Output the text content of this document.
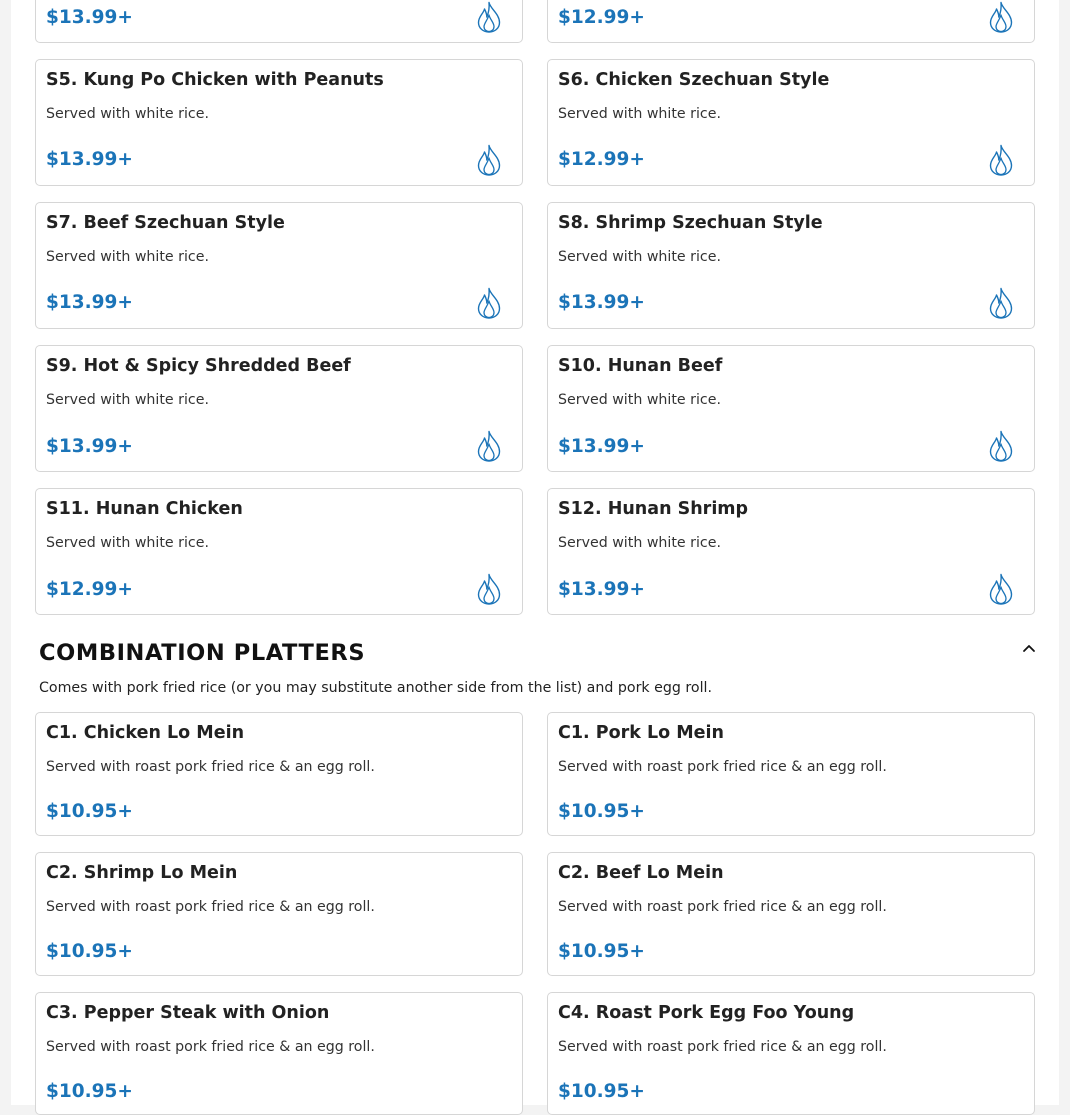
$13.99+	$12.99+
S5. Kung Po Chicken with Peanuts
Served with white rice.
$13.99+
S6. Chicken Szechuan Style
Served with white rice.
$12.99+
S7. Beef Szechuan Style
Served with white rice.
$13.99+
S8. Shrimp Szechuan Style
Served with white rice.
$13.99+
S9. Hot & Spicy Shredded Beef
Served with white rice.
$13.99+
S10. Hunan Beef
Served with white rice.
$13.99+
S11. Hunan Chicken
Served with white rice.
$12.99+
S12. Hunan Shrimp
Served with white rice.
$13.99+
COMBINATION PLATTERS
Comes with pork fried rice (or you may substitute another side from the list) and pork egg roll.
C1. Chicken Lo Mein
Served with roast pork fried rice & an egg roll.
$10.95+
C1. Pork Lo Mein
Served with roast pork fried rice & an egg roll.
$10.95+
C2. Shrimp Lo Mein
Served with roast pork fried rice & an egg roll.
$10.95+
C2. Beef Lo Mein
Served with roast pork fried rice & an egg roll.
$10.95+
C3. Pepper Steak with Onion
Served with roast pork fried rice & an egg roll.
$10.95+
C4. Roast Pork Egg Foo Young
Served with roast pork fried rice & an egg roll.
$10.95+
